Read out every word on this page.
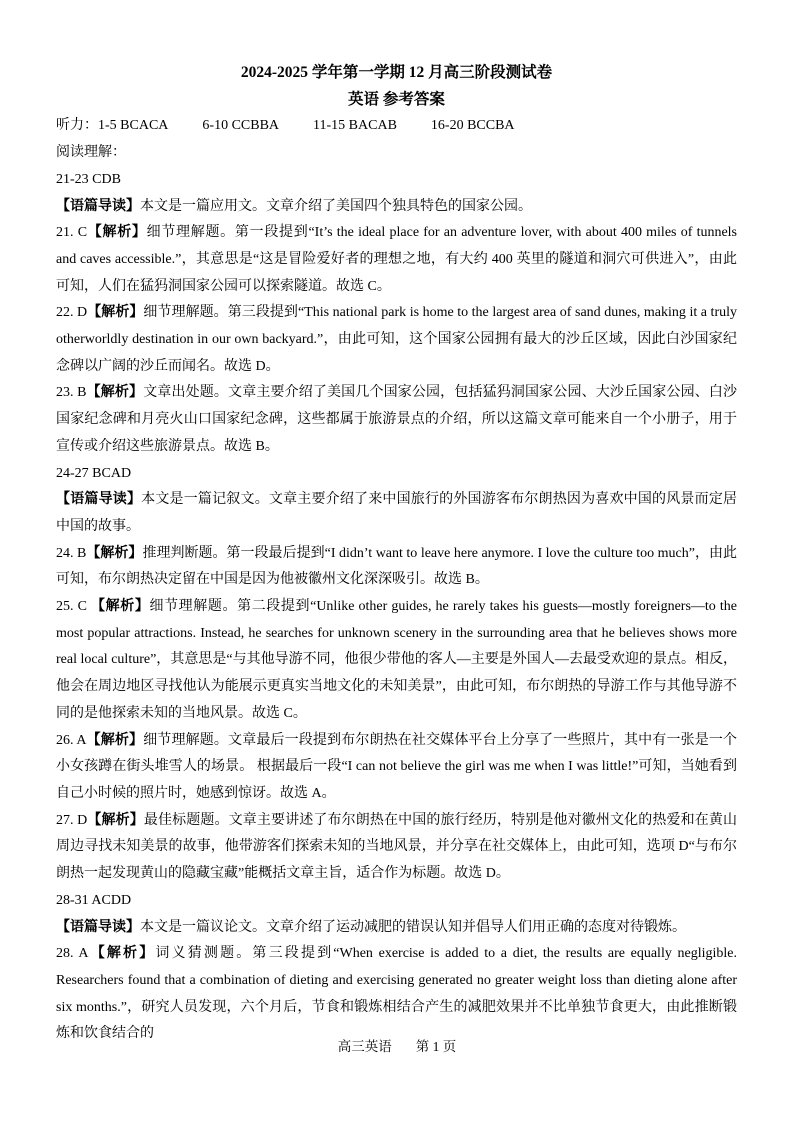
2024-2025 学年第一学期 12 月高三阶段测试卷
英语 参考答案
听力：1-5 BCACA 6-10 CCBBA 11-15 BACAB 16-20 BCCBA
阅读理解：
21-23 CDB
【语篇导读】本文是一篇应用文。文章介绍了美国四个独具特色的国家公园。
21. C【解析】细节理解题。第一段提到“It’s the ideal place for an adventure lover, with about 400 miles of tunnels and caves accessible.”，其意思是“这是冒险爱好者的理想之地，有大约 400 英里的隧道和洞穴可供进入”，由此可知，人们在猛犸洞国家公园可以探索隧道。故选 C。
22. D【解析】细节理解题。第三段提到“This national park is home to the largest area of sand dunes, making it a truly otherworldly destination in our own backyard.”，由此可知，这个国家公园拥有最大的沙丘区域，因此白沙国家纪念碑以广阔的沙丘而闻名。故选 D。
23. B【解析】文章出处题。文章主要介绍了美国几个国家公园，包括猛犸洞国家公园、大沙丘国家公园、白沙国家纪念碑和月亮火山口国家纪念碑，这些都属于旅游景点的介绍，所以这篇文章可能来自一个小册子，用于宣传或介绍这些旅游景点。故选 B。
24-27 BCAD
【语篇导读】本文是一篇记叙文。文章主要介绍了来中国旅行的外国游客布尔朗热因为喜欢中国的风景而定居中国的故事。
24. B【解析】推理判断题。第一段最后提到“I didn’t want to leave here anymore. I love the culture too much”，由此可知，布尔朗热决定留在中国是因为他被徽州文化深深吸引。故选 B。
25. C 【解析】细节理解题。第二段提到“Unlike other guides, he rarely takes his guests—mostly foreigners—to the most popular attractions. Instead, he searches for unknown scenery in the surrounding area that he believes shows more real local culture”，其意思是“与其他导游不同，他很少带他的客人—主要是外国人—去最受欢迎的景点。相反，他会在周边地区寻找他认为能展示更真实当地文化的未知美景”，由此可知，布尔朗热的导游工作与其他导游不同的是他探索未知的当地风景。故选 C。
26. A【解析】细节理解题。文章最后一段提到布尔朗热在社交媒体平台上分享了一些照片，其中有一张是一个小女孩蹲在街头堆雪人的场景。 根据最后一段“I can not believe the girl was me when I was little!”可知，当她看到自己小时候的照片时，她感到惊讶。故选 A。
27. D【解析】最佳标题题。文章主要讲述了布尔朗热在中国的旅行经历，特别是他对徽州文化的热爱和在黄山周边寻找未知美景的故事，他带游客们探索未知的当地风景，并分享在社交媒体上，由此可知，选项 D“与布尔朗热一起发现黄山的隐藏宝藏”能概括文章主旨，适合作为标题。故选 D。
28-31 ACDD
【语篇导读】本文是一篇议论文。文章介绍了运动减肥的错误认知并倡导人们用正确的态度对待锻炼。
28. A【解析】词义猜测题。第三段提到“When exercise is added to a diet, the results are equally negligible. Researchers found that a combination of dieting and exercising generated no greater weight loss than dieting alone after six months.”，研究人员发现，六个月后，节食和锻炼相结合产生的减肥效果并不比单独节食更大，由此推断锻炼和饮食结合的
高三英语 第 1 页
